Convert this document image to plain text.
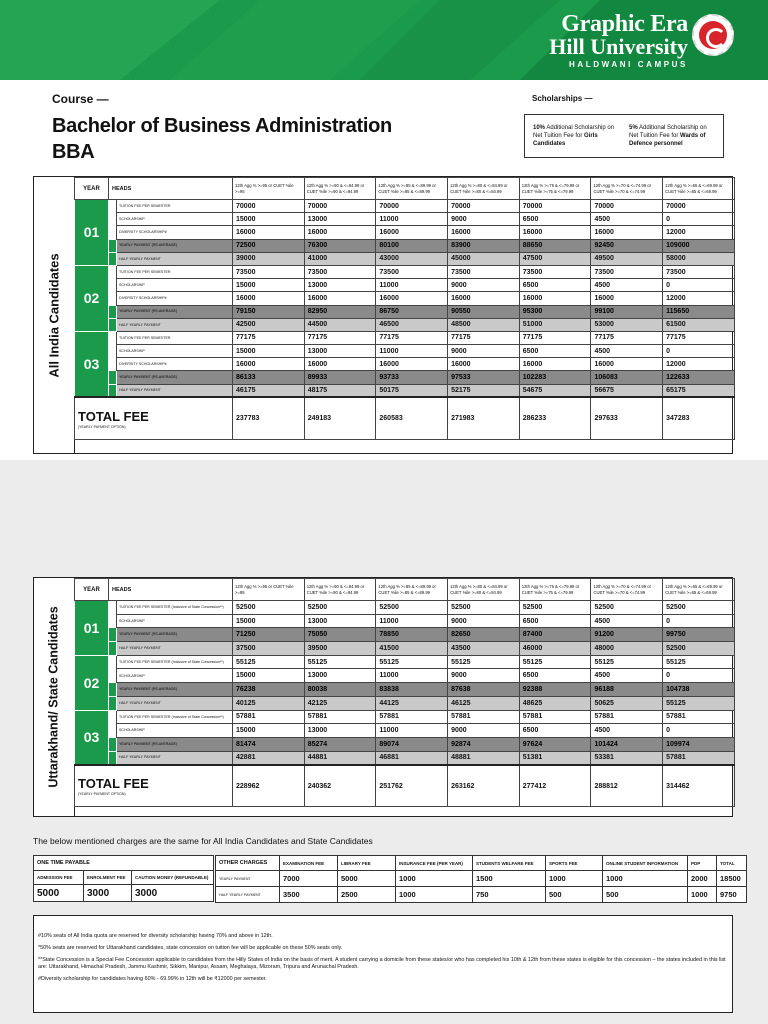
Graphic Era
Hill University
HALDWANI CAMPUS
Course —
Bachelor of Business Administration
BBA
Scholarships —
10% Additional Scholarship on Net Tuition Fee for Girls Candidates
5% Additional Scholarship on Net Tuition Fee for Wards of Defence personnel
All India Candidates
YEAR	HEADS		12th Agg % >=95 or CUET %ile >=95	12th Agg % >=90 & <=94.99 or CUET %ile >=90 & <=94.99	12th Agg % >=85 & <=89.99 or CUET %ile >=85 & <=89.99	12th Agg % >=80 & <=84.99 or CUET %ile >=80 & <=84.99	12th Agg % >=75 & <=79.99 or CUET %ile >=75 & <=79.99	12th Agg % >=70 & <=74.99 or CUET %ile >=70 & <=74.99	12th Agg % >=65 & <=69.99 or CUET %ile >=65 & <=69.99
01		TUITION FEE PER SEMESTER	70000	70000	70000	70000	70000	70000	70000
		SCHOLARSHIP	15000	13000	11000	9000	6500	4500	0
		DIVERSITY SCHOLARSHIP#	16000	16000	16000	16000	16000	16000	12000
		YEARLY PAYMENT (RS.AVERAGE)	72500	76300	80100	83900	88650	92450	109000
		HALF YEARLY PAYMENT	39000	41000	43000	45000	47500	49500	58000
02		TUITION FEE PER SEMESTER	73500	73500	73500	73500	73500	73500	73500
		SCHOLARSHIP	15000	13000	11000	9000	6500	4500	0
		DIVERSITY SCHOLARSHIP#	16000	16000	16000	16000	16000	16000	12000
		YEARLY PAYMENT (RS.AVERAGE)	79150	82950	86750	90550	95300	99100	115650
		HALF YEARLY PAYMENT	42500	44500	46500	48500	51000	53000	61500
03		TUITION FEE PER SEMESTER	77175	77175	77175	77175	77175	77175	77175
		SCHOLARSHIP	15000	13000	11000	9000	6500	4500	0
		DIVERSITY SCHOLARSHIP#	16000	16000	16000	16000	16000	16000	12000
		YEARLY PAYMENT (RS.AVERAGE)	86133	89933	93733	97533	102283	106083	122633
		HALF YEARLY PAYMENT	46175	48175	50175	52175	54675	56675	65175
TOTAL FEE
(YEARLY PAYMENT OPTION)			237783	249183	260583	271983	286233	297633	347283
Uttarakhand/ State Candidates
YEAR	HEADS		12th Agg % >=95 or CUET %ile >=95	12th Agg % >=90 & <=94.99 or CUET %ile >=90 & <=94.99	12th Agg % >=85 & <=89.99 or CUET %ile >=85 & <=89.99	12th Agg % >=80 & <=84.99 or CUET %ile >=80 & <=84.99	12th Agg % >=75 & <=79.99 or CUET %ile >=75 & <=79.99	12th Agg % >=70 & <=74.99 or CUET %ile >=70 & <=74.99	12th Agg % >=65 & <=69.99 or CUET %ile >=65 & <=69.99
01		TUITION FEE PER SEMESTER (Inclusive of State Concession**)	52500	52500	52500	52500	52500	52500	52500
		SCHOLARSHIP	15000	13000	11000	9000	6500	4500	0
		YEARLY PAYMENT (RS.AVERAGE)	71250	75050	78850	82650	87400	91200	99750
		HALF YEARLY PAYMENT	37500	39500	41500	43500	46000	48000	52500
02		TUITION FEE PER SEMESTER (Inclusive of State Concession**)	55125	55125	55125	55125	55125	55125	55125
		SCHOLARSHIP	15000	13000	11000	9000	6500	4500	0
		YEARLY PAYMENT (RS.AVERAGE)	76238	80038	83838	87638	92388	96188	104738
		HALF YEARLY PAYMENT	40125	42125	44125	46125	48625	50625	55125
03		TUITION FEE PER SEMESTER (Inclusive of State Concession**)	57881	57881	57881	57881	57881	57881	57881
		SCHOLARSHIP	15000	13000	11000	9000	6500	4500	0
		YEARLY PAYMENT (RS.AVERAGE)	81474	85274	89074	92874	97624	101424	109974
		HALF YEARLY PAYMENT	42881	44881	46881	48881	51381	53381	57881
TOTAL FEE
(YEARLY PAYMENT OPTION)			228962	240362	251762	263162	277412	288812	314462
The below mentioned charges are the same for All India Candidates and State Candidates
ONE TIME PAYABLE		
ADMISSION FEE	ENROLMENT FEE	CAUTION MONEY (REFUNDABLE)
5000	3000	3000
OTHER CHARGES	EXAMINATION FEE	LIBRARY FEE	INSURANCE FEE (PER YEAR)	STUDENTS WELFARE FEE	SPORTS FEE	ONLINE STUDENT INFORMATION	PDP	TOTAL
YEARLY PAYMENT	7000	5000	1000	1500	1000	1000	2000	18500
HALF YEARLY PAYMENT	3500	2500	1000	750	500	500	1000	9750

#10% seats of All India quota are reserved for diversity scholarship having 70% and above in 12th.

*50% seats are reserved for Uttarakhand candidates, state concession on tuition fee will be applicable on these 50% seats only.

**State Concession is a Special Fee Concession applicable to candidates from the Hilly States of India on the basis of merit. A student carrying a domicile from these states/or who has completed his 10th & 12th from these states is eligible for this concession – the states included in this list are: Uttarakhand, Himachal Pradesh, Jammu Kashmir, Sikkim, Manipur, Assam, Meghalaya, Mizoram, Tripura and Arunachal Pradesh.

#Diversity scholarship for candidates having 60% - 69.99% in 12th will be ₹12000 per semester.
